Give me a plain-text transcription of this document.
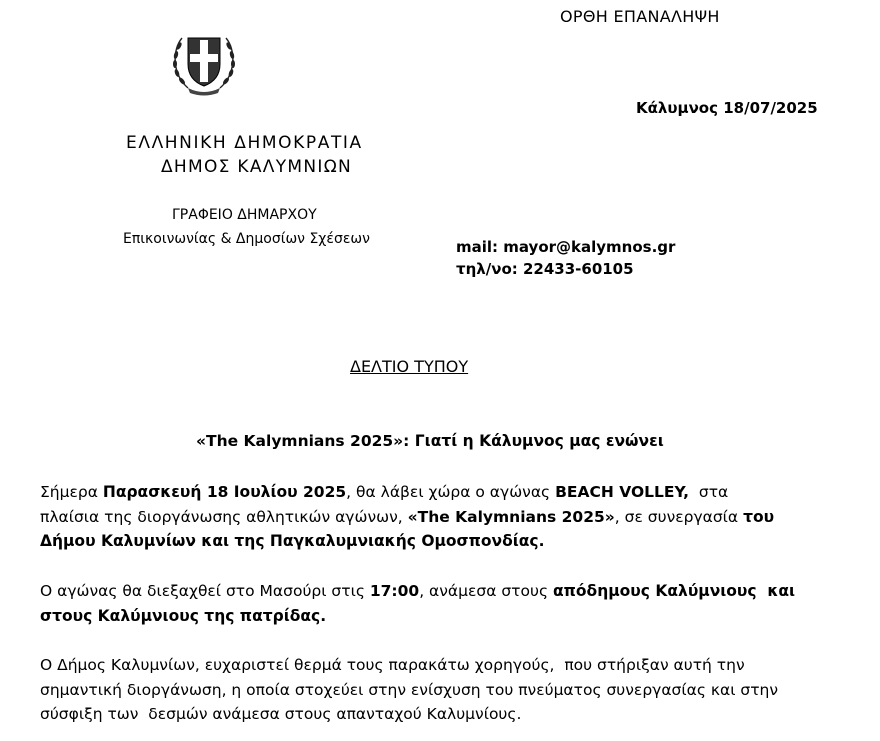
ΟΡΘΗ ΕΠΑΝΑΛΗΨΗ
Κάλυμνος 18/07/2025
ΕΛΛΗΝΙΚΗ ΔΗΜΟΚΡΑΤΙΑ
ΔΗΜΟΣ ΚΑΛΥΜΝΙΩΝ
ΓΡΑΦΕΙΟ ΔΗΜΑΡΧΟΥ
Επικοινωνίας & Δημοσίων Σχέσεων	mail: mayor@kalymnos.gr
τηλ/νο: 22433-60105
ΔΕΛΤΙΟ ΤΥΠΟΥ
«The Kalymnians 2025»: Γιατί η Κάλυμνος μας ενώνει
Σήμερα Παρασκευή 18 Ιουλίου 2025, θα λάβει χώρα ο αγώνας BEACH VOLLEY,  στα
πλαίσια της διοργάνωσης αθλητικών αγώνων, «The Kalymnians 2025», σε συνεργασία του
Δήμου Καλυμνίων και της Παγκαλυμνιακής Ομοσπονδίας.
Ο αγώνας θα διεξαχθεί στο Μασούρι στις 17:00, ανάμεσα στους απόδημους Καλύμνιους  και
στους Καλύμνιους της πατρίδας.
Ο Δήμος Καλυμνίων, ευχαριστεί θερμά τους παρακάτω χορηγούς,  που στήριξαν αυτή την
σημαντική διοργάνωση, η οποία στοχεύει στην ενίσχυση του πνεύματος συνεργασίας και στην
σύσφιξη των  δεσμών ανάμεσα στους απανταχού Καλυμνίους.
